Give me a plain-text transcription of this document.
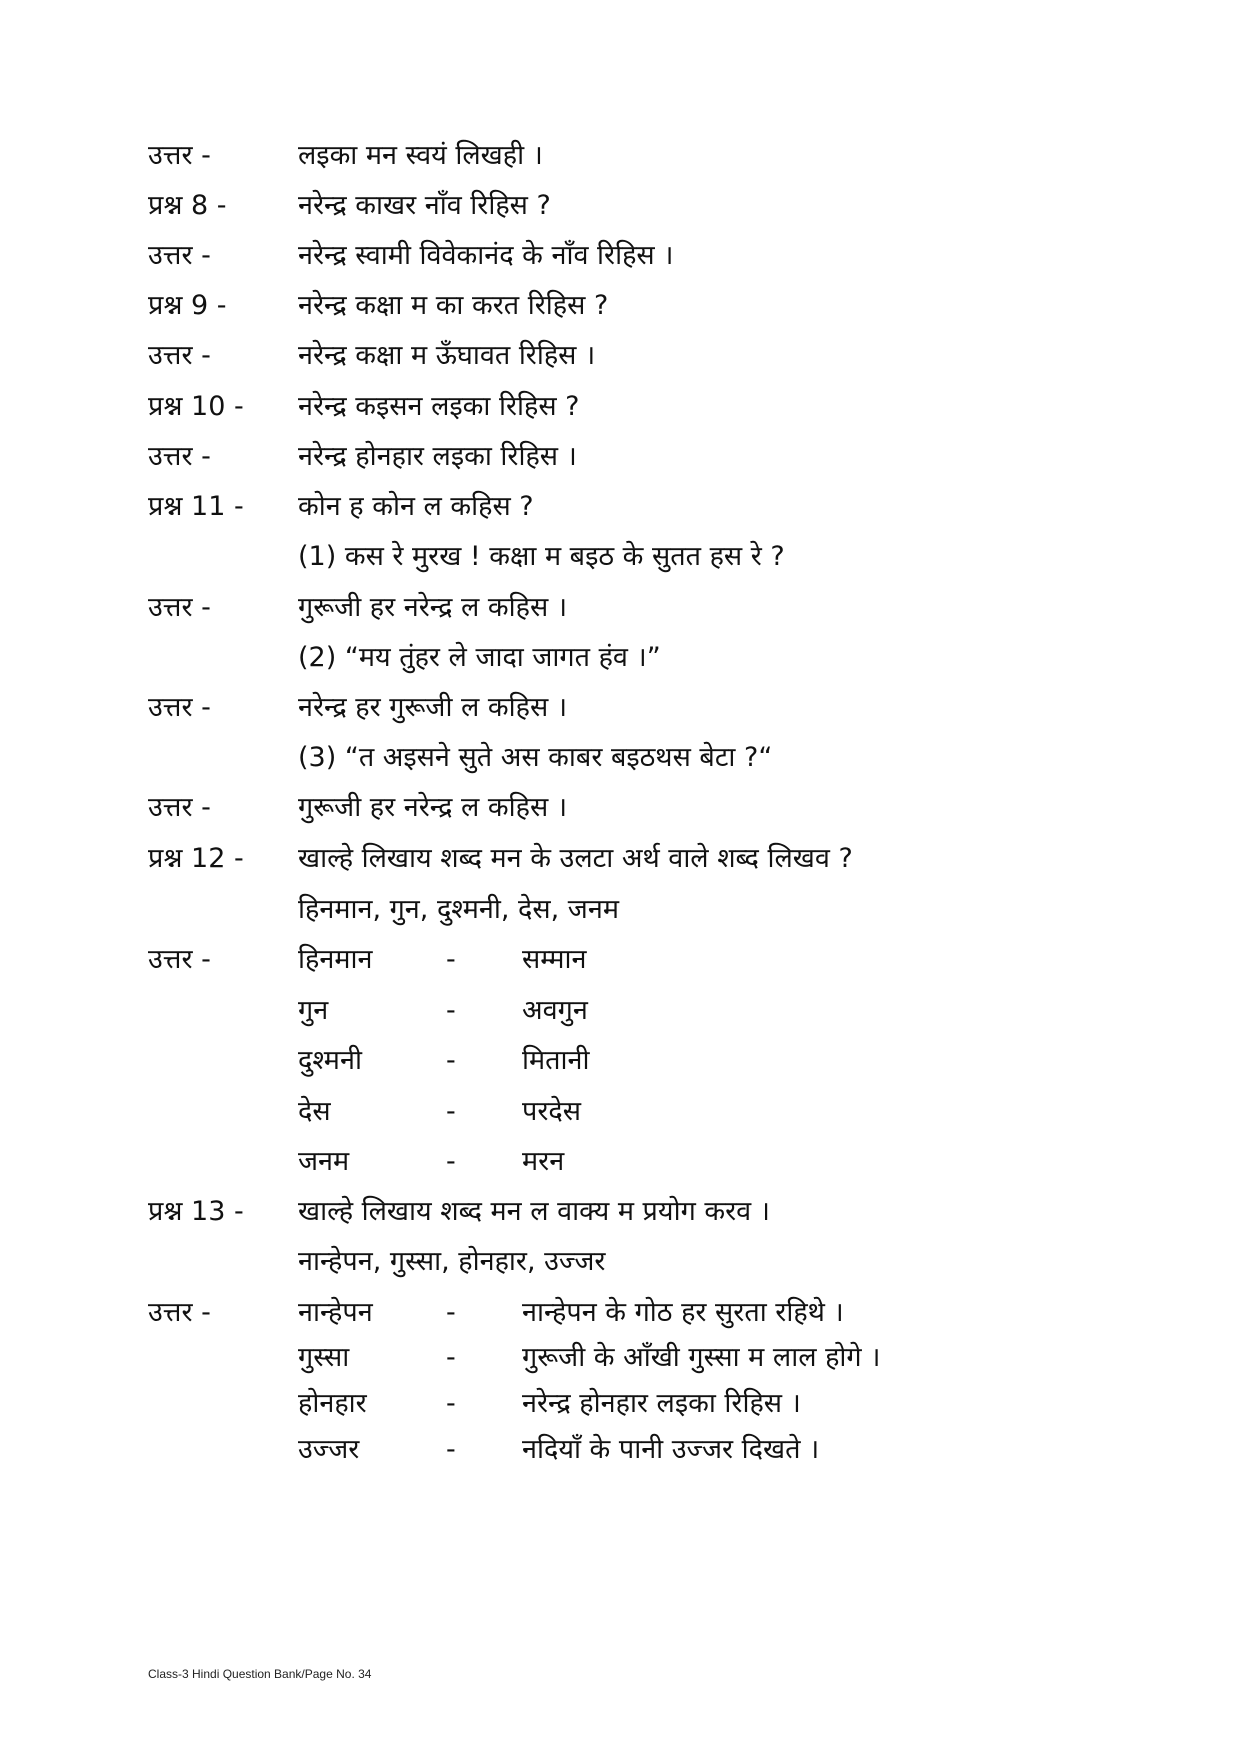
उत्तर -	लइका मन स्वयं लिखही ।
प्रश्न 8 -	नरेन्द्र काखर नाँव रिहिस ?
उत्तर -	नरेन्द्र स्वामी विवेकानंद के नाँव रिहिस ।
प्रश्न 9 -	नरेन्द्र कक्षा म का करत रिहिस ?
उत्तर -	नरेन्द्र कक्षा म ऊँघावत रिहिस ।
प्रश्न 10 - नरेन्द्र कइसन लइका रिहिस ?
उत्तर -	नरेन्द्र होनहार लइका रिहिस ।
प्रश्न 11 - कोन ह कोन ल कहिस ?
(1) कस रे मुरख ! कक्षा म बइठ के सुतत हस रे ?
उत्तर -	गुरूजी हर नरेन्द्र ल कहिस ।
(2) “मय तुंहर ले जादा जागत हंव ।”
उत्तर -	नरेन्द्र हर गुरूजी ल कहिस ।
(3) “त अइसने सुते अस काबर बइठथस बेटा ?“
उत्तर -	गुरूजी हर नरेन्द्र ल कहिस ।
प्रश्न 12 - खाल्हे लिखाय शब्द मन के उलटा अर्थ वाले शब्द लिखव ?
हिनमान, गुन, दुश्मनी, देस, जनम
उत्तर -	हिनमान	- सम्मान
गुन	- अवगुन
दुश्मनी	- मितानी
देस	- परदेस
जनम	- मरन
प्रश्न 13 - खाल्हे लिखाय शब्द मन ल वाक्य म प्रयोग करव ।
नान्हेपन, गुस्सा, होनहार, उज्जर
उत्तर -	नान्हेपन	- नान्हेपन के गोठ हर सुरता रहिथे ।
गुस्सा	- गुरूजी के आँखी गुस्सा म लाल होगे ।
होनहार	- नरेन्द्र होनहार लइका रिहिस ।
उज्जर	- नदियाँ के पानी उज्जर दिखते ।
Class-3 Hindi Question Bank/Page No. 34
